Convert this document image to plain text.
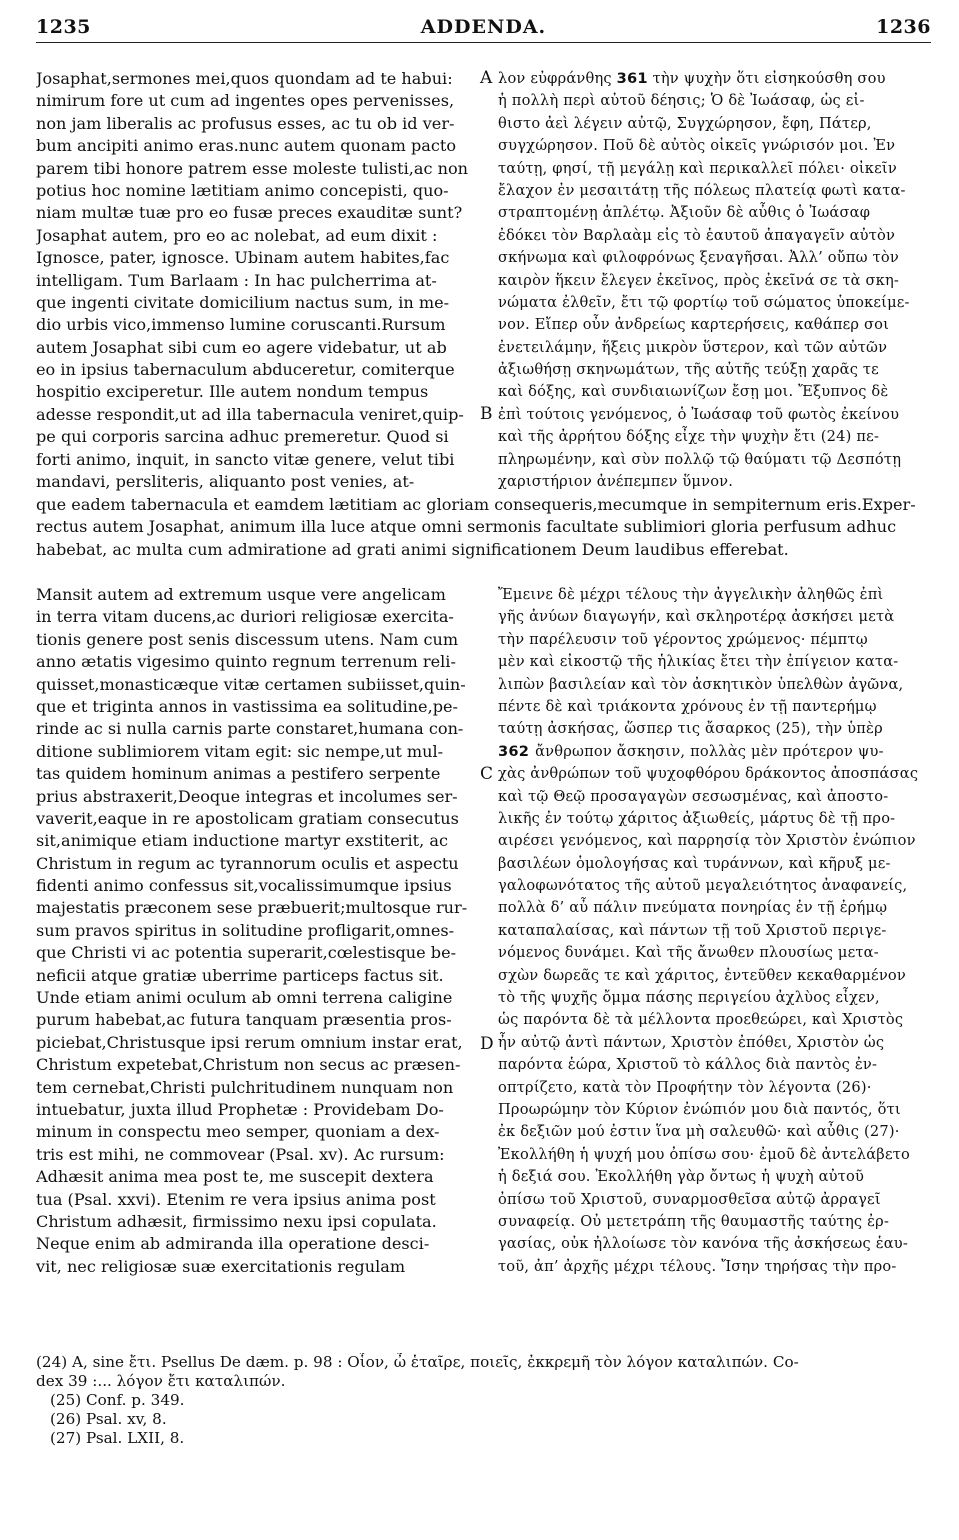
1235	ADDENDA.	1236
Josaphat,sermones mei,quos quondam ad te habui:
nimirum fore ut cum ad ingentes opes pervenisses,
non jam liberalis ac profusus esses, ac tu ob id ver-
bum ancipiti animo eras.nunc autem quonam pacto
parem tibi honore patrem esse moleste tulisti,ac non
potius hoc nomine lætitiam animo concepisti, quo-
niam multæ tuæ pro eo fusæ preces exauditæ sunt?
Josaphat autem, pro eo ac nolebat, ad eum dixit :
Ignosce, pater, ignosce. Ubinam autem habites,fac
intelligam. Tum Barlaam : In hac pulcherrima at-
que ingenti civitate domicilium nactus sum, in me-
dio urbis vico,immenso lumine coruscanti.Rursum
autem Josaphat sibi cum eo agere videbatur, ut ab
eo in ipsius tabernaculum abduceretur, comiterque
hospitio exciperetur. Ille autem nondum tempus
adesse respondit,ut ad illa tabernacula veniret,quip-
pe qui corporis sarcina adhuc premeretur. Quod si
forti animo, inquit, in sancto vitæ genere, velut tibi
mandavi, persliteris, aliquanto post venies, at-
λον εὐφράνθης 361 τὴν ψυχὴν ὅτι εἰσηκούσθη σου
ἡ πολλὴ περὶ αὐτοῦ δέησις; Ὁ δὲ Ἰωάσαφ, ὡς εἰ-
θιστο ἀεὶ λέγειν αὐτῷ, Συγχώρησον, ἔφη, Πάτερ,
συγχώρησον. Ποῦ δὲ αὐτὸς οἰκεῖς γνώρισόν μοι. Ἐν
ταύτῃ, φησί, τῇ μεγάλῃ καὶ περικαλλεῖ πόλει· οἰκεῖν
ἔλαχον ἐν μεσαιτάτῃ τῆς πόλεως πλατείᾳ φωτὶ κατα-
στραπτομένῃ ἀπλέτῳ. Ἀξιοῦν δὲ αὖθις ὁ Ἰωάσαφ
ἐδόκει τὸν Βαρλαὰμ εἰς τὸ ἑαυτοῦ ἀπαγαγεῖν αὐτὸν
σκήνωμα καὶ φιλοφρόνως ξεναγῆσαι. Ἀλλ’ οὔπω τὸν
καιρὸν ἥκειν ἔλεγεν ἐκεῖνος, πρὸς ἐκεῖνά σε τὰ σκη-
νώματα ἐλθεῖν, ἔτι τῷ φορτίῳ τοῦ σώματος ὑποκείμε-
νον. Εἴπερ οὖν ἀνδρείως καρτερήσεις, καθάπερ σοι
ἐνετειλάμην, ἥξεις μικρὸν ὕστερον, καὶ τῶν αὐτῶν
ἀξιωθήσῃ σκηνωμάτων, τῆς αὐτῆς τεύξῃ χαρᾶς τε
καὶ δόξης, καὶ συνδιαιωνίζων ἔσῃ μοι. Ἔξυπνος δὲ
ἐπὶ τούτοις γενόμενος, ὁ Ἰωάσαφ τοῦ φωτὸς ἐκείνου
καὶ τῆς ἀρρήτου δόξης εἶχε τὴν ψυχὴν ἔτι (24) πε-
πληρωμένην, καὶ σὺν πολλῷ τῷ θαύματι τῷ Δεσπότῃ
χαριστήριον ἀνέπεμπεν ὕμνον.
A
B
que eadem tabernacula et eamdem lætitiam ac gloriam consequeris,mecumque in sempiternum eris.Exper-
rectus autem Josaphat, animum illa luce atque omni sermonis facultate sublimiori gloria perfusum adhuc
habebat, ac multa cum admiratione ad grati animi significationem Deum laudibus efferebat.
Mansit autem ad extremum usque vere angelicam
in terra vitam ducens,ac duriori religiosæ exercita-
tionis genere post senis discessum utens. Nam cum
anno ætatis vigesimo quinto regnum terrenum reli-
quisset,monasticæque vitæ certamen subiisset,quin-
que et triginta annos in vastissima ea solitudine,pe-
rinde ac si nulla carnis parte constaret,humana con-
ditione sublimiorem vitam egit: sic nempe,ut mul-
tas quidem hominum animas a pestifero serpente
prius abstraxerit,Deoque integras et incolumes ser-
vaverit,eaque in re apostolicam gratiam consecutus
sit,animique etiam inductione martyr exstiterit, ac
Christum in regum ac tyrannorum oculis et aspectu
fidenti animo confessus sit,vocalissimumque ipsius
majestatis præconem sese præbuerit;multosque rur-
sum pravos spiritus in solitudine profligarit,omnes-
que Christi vi ac potentia superarit,cœlestisque be-
neficii atque gratiæ uberrime particeps factus sit.
Unde etiam animi oculum ab omni terrena caligine
purum habebat,ac futura tanquam præsentia pros-
piciebat,Christusque ipsi rerum omnium instar erat,
Christum expetebat,Christum non secus ac præsen-
tem cernebat,Christi pulchritudinem nunquam non
intuebatur, juxta illud Prophetæ : Providebam Do-
minum in conspectu meo semper, quoniam a dex-
tris est mihi, ne commovear (Psal. xv). Ac rursum:
Adhæsit anima mea post te, me suscepit dextera
tua (Psal. xxvi). Etenim re vera ipsius anima post
Christum adhæsit, firmissimo nexu ipsi copulata.
Neque enim ab admiranda illa operatione desci-
vit, nec religiosæ suæ exercitationis regulam
Ἔμεινε δὲ μέχρι τέλους τὴν ἀγγελικὴν ἀληθῶς ἐπὶ
γῆς ἀνύων διαγωγήν, καὶ σκληροτέρᾳ ἀσκήσει μετὰ
τὴν παρέλευσιν τοῦ γέροντος χρώμενος· πέμπτῳ
μὲν καὶ εἰκοστῷ τῆς ἡλικίας ἔτει τὴν ἐπίγειον κατα-
λιπὼν βασιλείαν καὶ τὸν ἀσκητικὸν ὑπελθὼν ἀγῶνα,
πέντε δὲ καὶ τριάκοντα χρόνους ἐν τῇ παντερήμῳ
ταύτῃ ἀσκήσας, ὥσπερ τις ἄσαρκος (25), τὴν ὑπὲρ
362 ἄνθρωπον ἄσκησιν, πολλὰς μὲν πρότερον ψυ-
χὰς ἀνθρώπων τοῦ ψυχοφθόρου δράκοντος ἀποσπάσας
καὶ τῷ Θεῷ προσαγαγὼν σεσωσμένας, καὶ ἀποστο-
λικῆς ἐν τούτῳ χάριτος ἀξιωθείς, μάρτυς δὲ τῇ προ-
αιρέσει γενόμενος, καὶ παρρησίᾳ τὸν Χριστὸν ἐνώπιον
βασιλέων ὁμολογήσας καὶ τυράννων, καὶ κῆρυξ με-
γαλοφωνότατος τῆς αὐτοῦ μεγαλειότητος ἀναφανείς,
πολλὰ δ’ αὖ πάλιν πνεύματα πονηρίας ἐν τῇ ἐρήμῳ
καταπαλαίσας, καὶ πάντων τῇ τοῦ Χριστοῦ περιγε-
νόμενος δυνάμει. Καὶ τῆς ἄνωθεν πλουσίως μετα-
σχὼν δωρεᾶς τε καὶ χάριτος, ἐντεῦθεν κεκαθαρμένον
τὸ τῆς ψυχῆς ὄμμα πάσης περιγείου ἀχλὺος εἶχεν,
ὡς παρόντα δὲ τὰ μέλλοντα προεθεώρει, καὶ Χριστὸς
ἦν αὐτῷ ἀντὶ πάντων, Χριστὸν ἐπόθει, Χριστὸν ὡς
παρόντα ἑώρα, Χριστοῦ τὸ κάλλος διὰ παντὸς ἐν-
οπτρίζετο, κατὰ τὸν Προφήτην τὸν λέγοντα (26)·
Προωρώμην τὸν Κύριον ἐνώπιόν μου διὰ παντός, ὅτι
ἐκ δεξιῶν μού ἐστιν ἵνα μὴ σαλευθῶ· καὶ αὖθις (27)·
Ἐκολλήθη ἡ ψυχή μου ὀπίσω σου· ἐμοῦ δὲ ἀντελάβετο
ἡ δεξιά σου. Ἐκολλήθη γὰρ ὄντως ἡ ψυχὴ αὐτοῦ
ὀπίσω τοῦ Χριστοῦ, συναρμοσθεῖσα αὐτῷ ἀρραγεῖ
συναφείᾳ. Οὐ μετετράπη τῆς θαυμαστῆς ταύτης ἐρ-
γασίας, οὐκ ἠλλοίωσε τὸν κανόνα τῆς ἀσκήσεως ἑαυ-
τοῦ, ἀπ’ ἀρχῆς μέχρι τέλους. Ἴσην τηρήσας τὴν προ-
C
D
(24) A, sine ἔτι. Psellus De dæm. p. 98 : Οἷον, ὦ ἑταῖρε, ποιεῖς, ἐκκρεμῆ τὸν λόγον καταλιπών. Co-
dex 39 :... λόγον ἔτι καταλιπών.
(25) Conf. p. 349.
(26) Psal. xv, 8.
(27) Psal. LXII, 8.
